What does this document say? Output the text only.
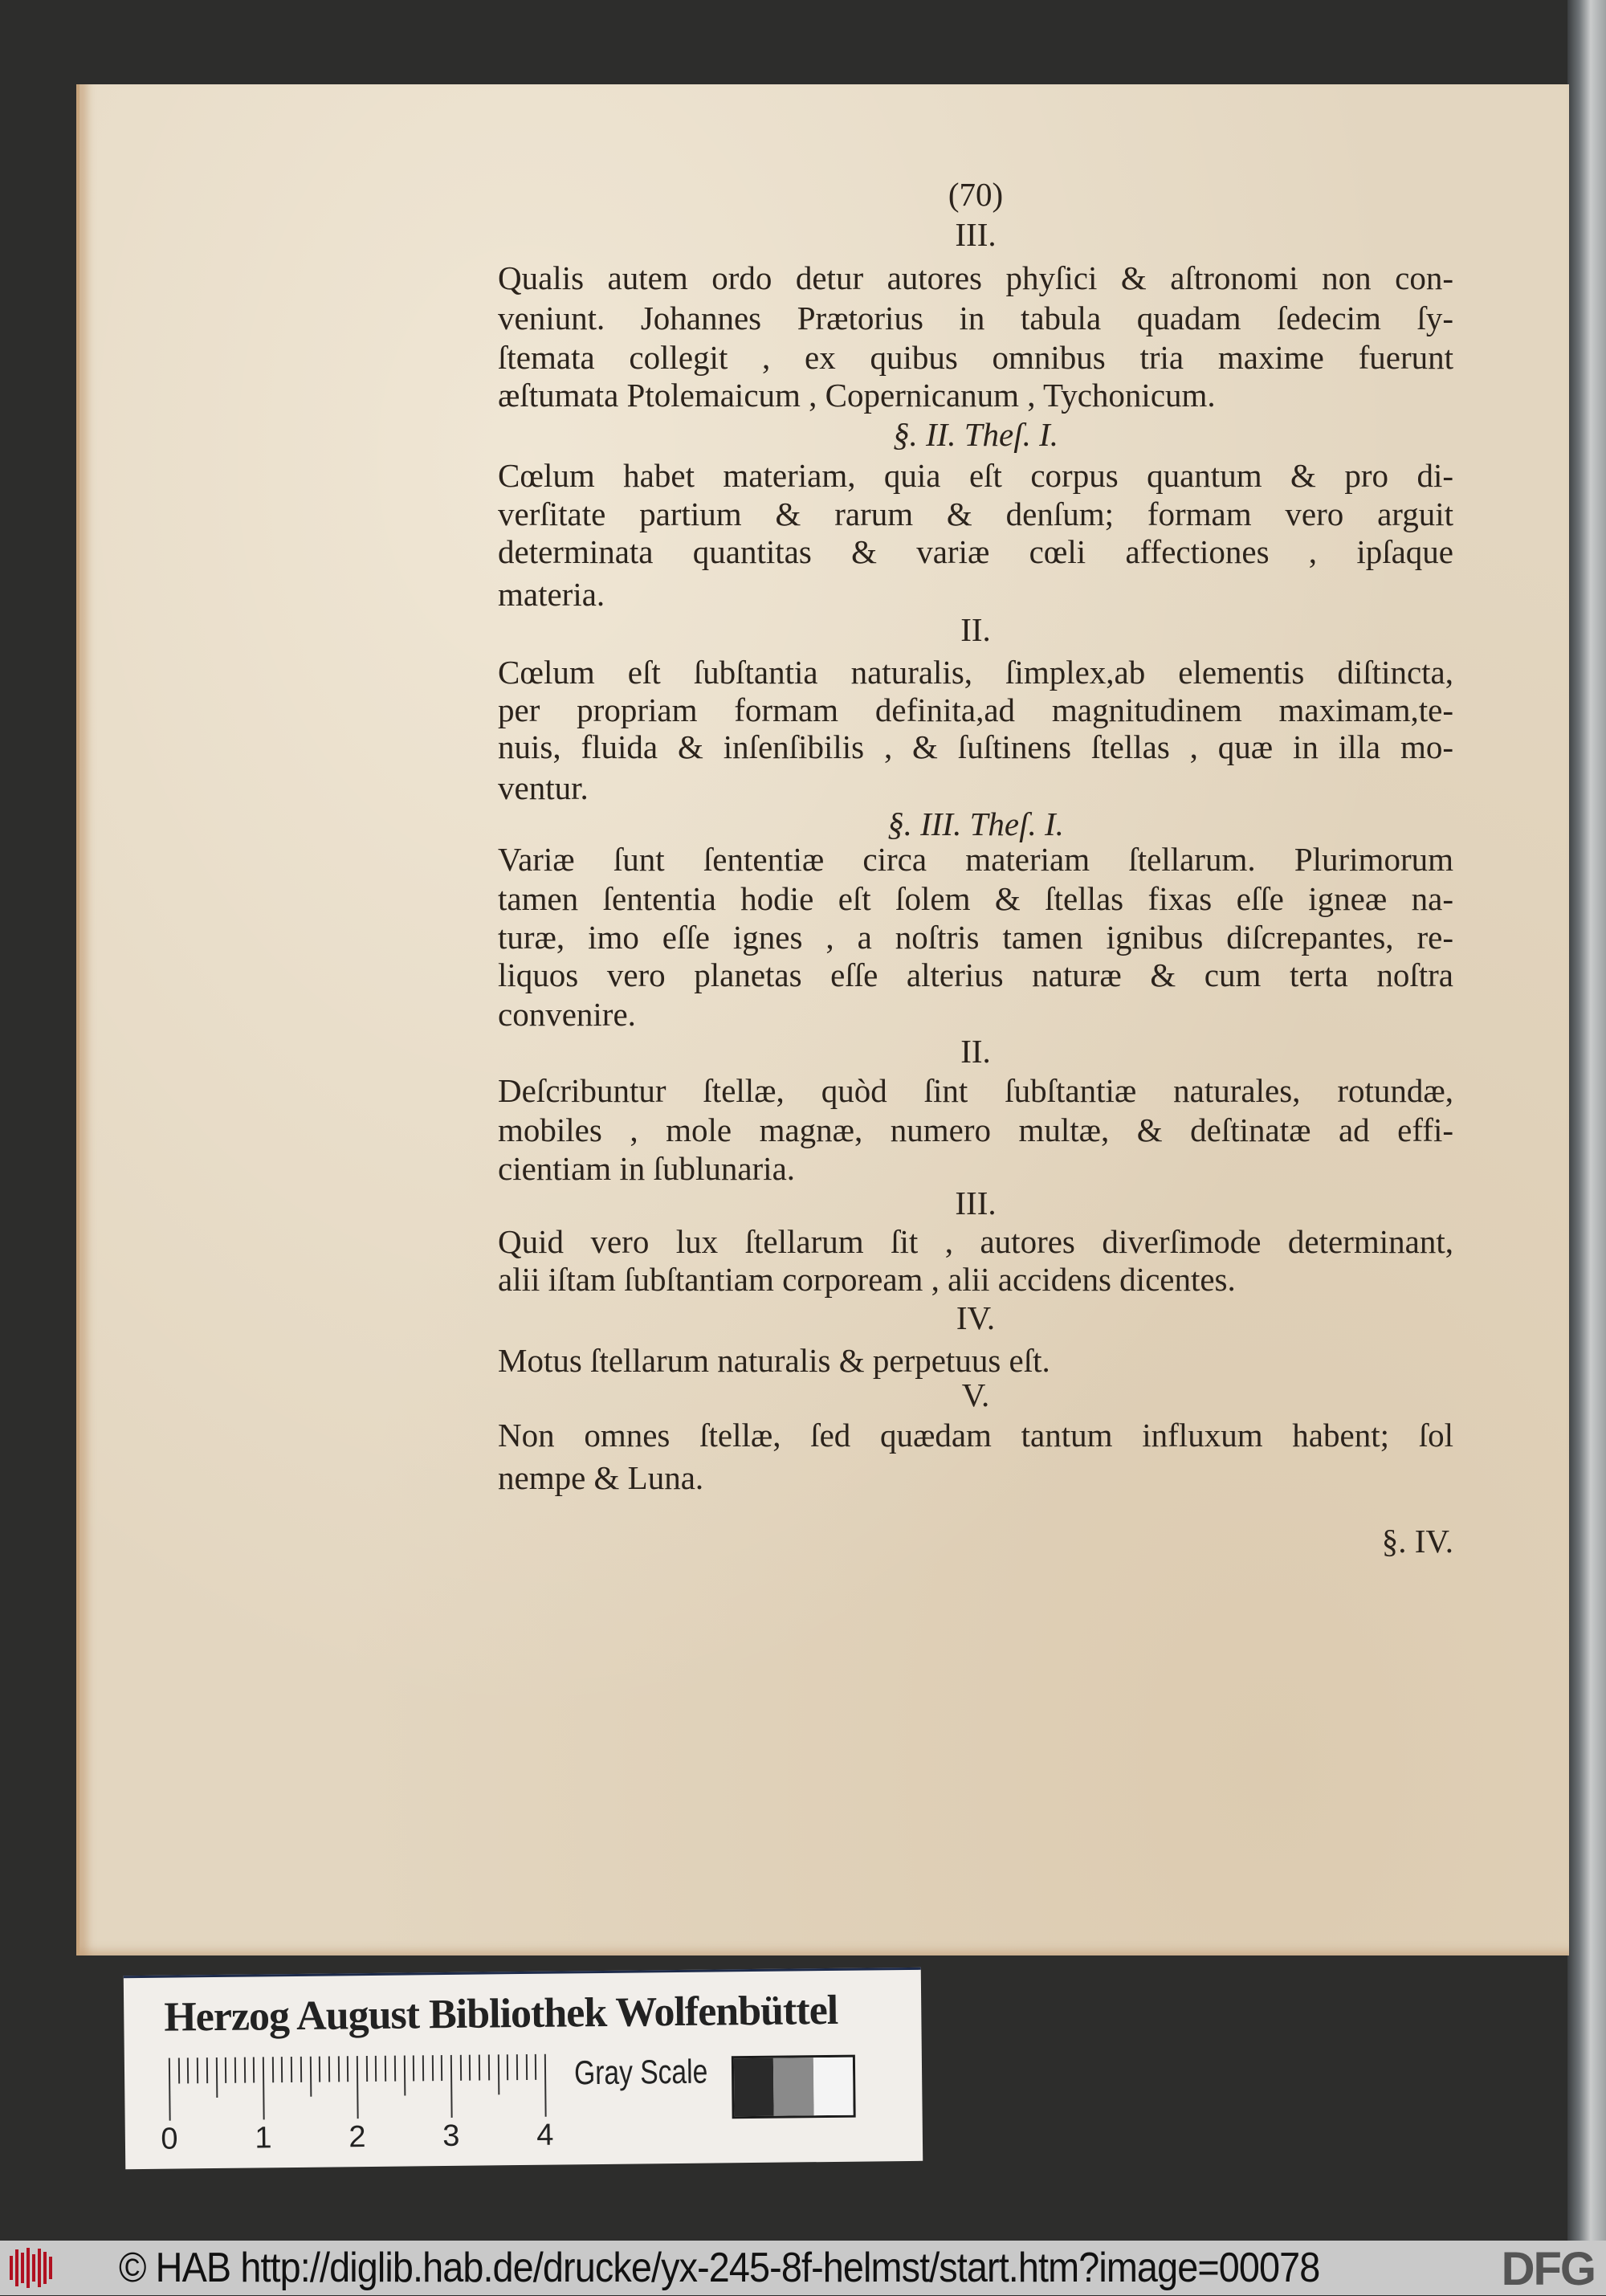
(70)
III.
Qualis autem ordo detur autores phyſici & aſtronomi non con-
veniunt. Johannes Prætorius in tabula quadam ſedecim ſy-
ſtemata collegit , ex quibus omnibus tria maxime fuerunt
æſtumata Ptolemaicum , Copernicanum , Tychonicum.
§. II. Theſ. I.
Cœlum habet materiam, quia eſt corpus quantum & pro di-
verſitate partium & rarum & denſum; formam vero arguit
determinata quantitas & variæ cœli affectiones , ipſaque
materia.
II.
Cœlum eſt ſubſtantia naturalis, ſimplex,ab elementis diſtincta,
per propriam formam definita,ad magnitudinem maximam,te-
nuis, fluida & inſenſibilis , & ſuſtinens ſtellas , quæ in illa mo-
ventur.
§. III. Theſ. I.
Variæ ſunt ſententiæ circa materiam ſtellarum. Plurimorum
tamen ſententia hodie eſt ſolem & ſtellas fixas eſſe igneæ na-
turæ, imo eſſe ignes , a noſtris tamen ignibus diſcrepantes, re-
liquos vero planetas eſſe alterius naturæ & cum terta noſtra
convenire.
II.
Deſcribuntur ſtellæ, quòd ſint ſubſtantiæ naturales, rotundæ,
mobiles , mole magnæ, numero multæ, & deſtinatæ ad effi-
cientiam in ſublunaria.
III.
Quid vero lux ſtellarum ſit , autores diverſimode determinant,
alii iſtam ſubſtantiam corpoream , alii accidens dicentes.
IV.
Motus ſtellarum naturalis & perpetuus eſt.
V.
Non omnes ſtellæ, ſed quædam tantum influxum habent; ſol
nempe & Luna.
§. IV.
Herzog August Bibliothek Wolfenbüttel
0	1	2	3	4
Gray Scale
© HAB http://diglib.hab.de/drucke/yx-245-8f-helmst/start.htm?image=00078	DFG
